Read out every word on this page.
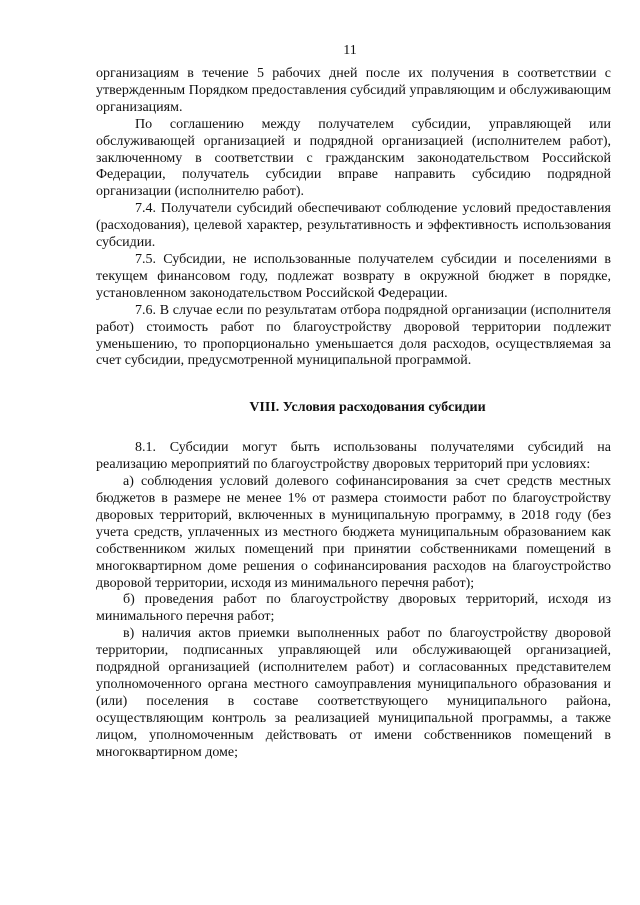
11

организациям в течение 5 рабочих дней после их получения в соответствии с утвержденным Порядком предоставления субсидий управляющим и обслуживающим организациям.

По соглашению между получателем субсидии, управляющей или обслуживающей организацией и подрядной организацией (исполнителем работ), заключенному в соответствии с гражданским законодательством Российской Федерации, получатель субсидии вправе направить субсидию подрядной организации (исполнителю работ).

7.4. Получатели субсидий обеспечивают соблюдение условий предоставления (расходования), целевой характер, результативность и эффективность использования субсидии.

7.5. Субсидии, не использованные получателем субсидии и поселениями в текущем финансовом году, подлежат возврату в окружной бюджет в порядке, установленном законодательством Российской Федерации.

7.6. В случае если по результатам отбора подрядной организации (исполнителя работ) стоимость работ по благоустройству дворовой территории подлежит уменьшению, то пропорционально уменьшается доля расходов, осуществляемая за счет субсидии, предусмотренной муниципальной программой.

VIII. Условия расходования субсидии

8.1. Субсидии могут быть использованы получателями субсидий на реализацию мероприятий по благоустройству дворовых территорий при условиях:

а) соблюдения условий долевого софинансирования за счет средств местных бюджетов в размере не менее 1% от размера стоимости работ по благоустройству дворовых территорий, включенных в муниципальную программу, в 2018 году (без учета средств, уплаченных из местного бюджета муниципальным образованием как собственником жилых помещений при принятии собственниками помещений в многоквартирном доме решения о софинансирования расходов на благоустройство дворовой территории, исходя из минимального перечня работ);

б) проведения работ по благоустройству дворовых территорий, исходя из минимального перечня работ;

в) наличия актов приемки выполненных работ по благоустройству дворовой территории, подписанных управляющей или обслуживающей организацией, подрядной организацией (исполнителем работ) и согласованных представителем уполномоченного органа местного самоуправления муниципального образования и (или) поселения в составе соответствующего муниципального района, осуществляющим контроль за реализацией муниципальной программы, а также лицом, уполномоченным действовать от имени собственников помещений в многоквартирном доме;
